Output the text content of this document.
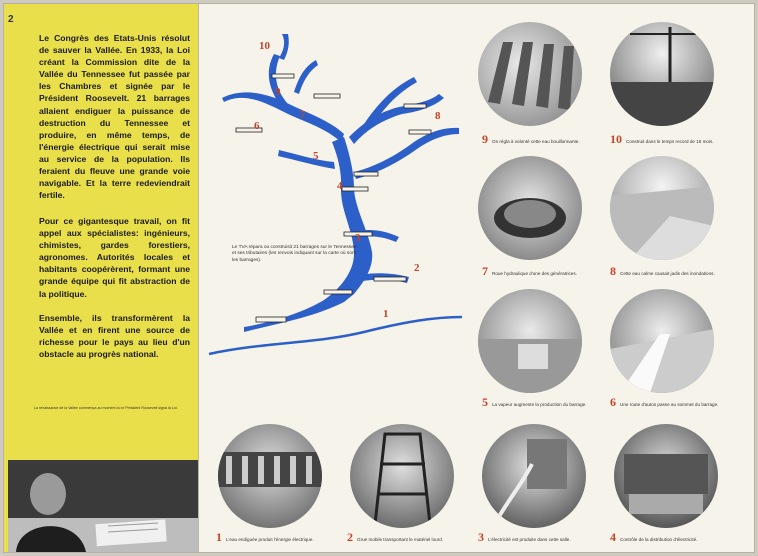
2

Le Congrès des Etats-Unis résolut de sauver la Vallée. En 1933, la Loi créant la Commission dite de la Vallée du Tennessee fut passée par les Chambres et signée par le Président Roosevelt. 21 barrages allaient endiguer la puissance de destruction du Tennessee et produire, en même temps, de l'énergie électrique qui serait mise au service de la population. Ils feraient du fleuve une grande voie navigable. Et la terre redeviendrait fertile.

Pour ce gigantesque travail, on fit appel aux spécialistes: ingénieurs, chimistes, gardes forestiers, agronomes. Autorités locales et habitants coopérèrent, formant une grande équipe qui fit abstraction de la politique.

Ensemble, ils transformèrent la Vallée et en firent une source de richesse pour le pays au lieu d'un obstacle au progrès national.

La renaissance de la Vallée commença au moment où le Président Roosevelt signa la Loi.
Le TVA répara ou construisit 21 barrages sur le Tennessee et ses tributaires (les renvois indiquant sur la carte où sont les barrages).
1
2
3
4
5
6
7	8
9
10
9 On régla à volonté cette eau bouillonnante.	10 Construit dans le temps record de 16 mois.
7 Roue hydraulique d'une des génératrices.	8 Cette eau calme causait jadis des inondations.
5 La vapeur augmente la production du barrage. 6 Une route d'autos passe au sommet du barrage.
1 L'eau endiguée produit l'énergie électrique.	2 Grue mobile transportant le matériel lourd.	3 L'électricité est produite dans cette salle.	4 Contrôle de la distribution d'électricité.
